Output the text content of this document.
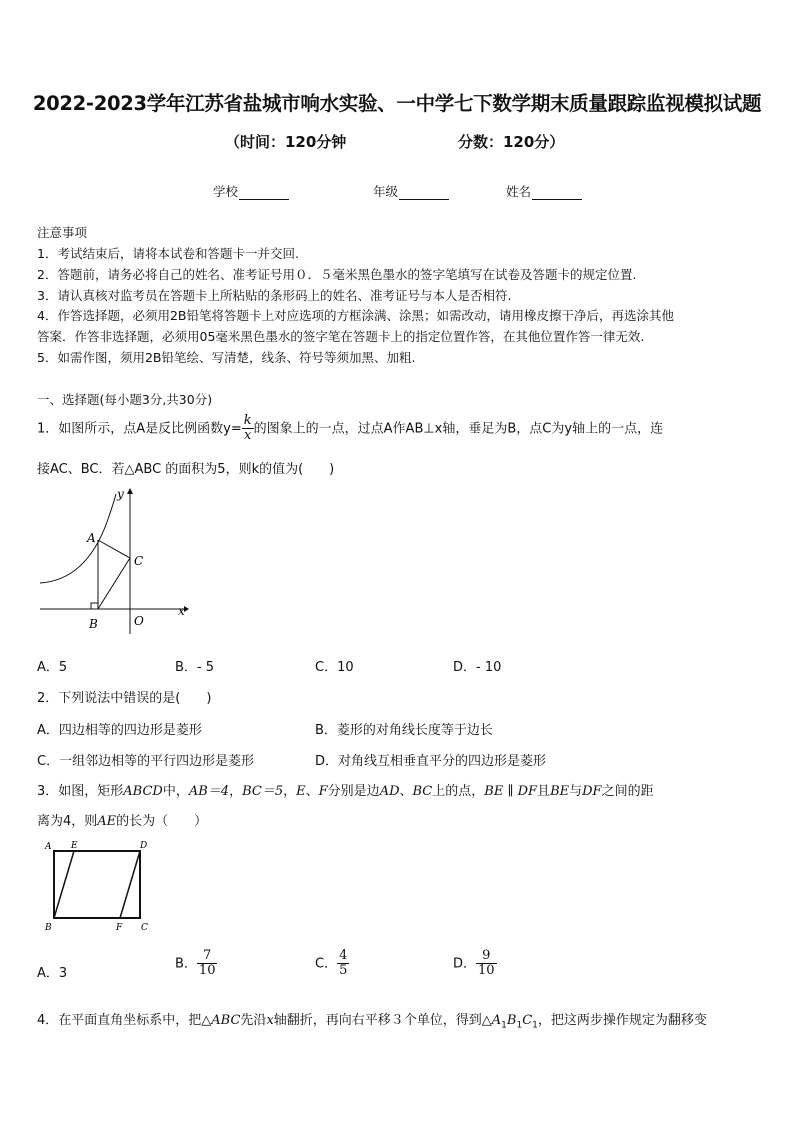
2022-2023学年江苏省盐城市响水实验、一中学七下数学期末质量跟踪监视模拟试题
（时间：120分钟	分数：120分）
学校	年级	姓名
注意事项
1．考试结束后，请将本试卷和答题卡一并交回.
2．答题前，请务必将自己的姓名、准考证号用０．５毫米黑色墨水的签字笔填写在试卷及答题卡的规定位置.
3．请认真核对监考员在答题卡上所粘贴的条形码上的姓名、准考证号与本人是否相符.
4．作答选择题，必须用2B铅笔将答题卡上对应选项的方框涂满、涂黑；如需改动，请用橡皮擦干净后，再选涂其他
答案．作答非选择题，必须用05毫米黑色墨水的签字笔在答题卡上的指定位置作答，在其他位置作答一律无效.
5．如需作图，须用2B铅笔绘、写清楚，线条、符号等须加黑、加粗.
一、选择题(每小题3分,共30分)
1．如图所示，点A是反比例函数$y= \frac{k}{x}$ 的图象上的一点，过点A作AB⊥x轴，垂足为B，点C为y轴上的一点，连
接AC、BC．若△ABC 的面积为5，则k的值为(　　)
A
B
C
O
x
y
A．5	B．- 5	C．10	D．- 10
2．下列说法中错误的是(　　)
A．四边相等的四边形是菱形	B．菱形的对角线长度等于边长
C．一组邻边相等的平行四边形是菱形	D．对角线互相垂直平分的四边形是菱形
3．如图，矩形ABCD中，AB＝4，BC＝5，E、F分别是边AD、BC上的点，BE ∥ DF且BE与DF之间的距
离为4，则AE的长为（　　）
A E	D
B	F C
A．3
B． $\frac{7}{10}$	C． $\frac{4}{5}$	D． $\frac{9}{10}$
4．在平面直角坐标系中，把△ABC先沿x轴翻折，再向右平移３个单位，得到$\triangle A_1B_1C_1$，把这两步操作规定为翻移变
